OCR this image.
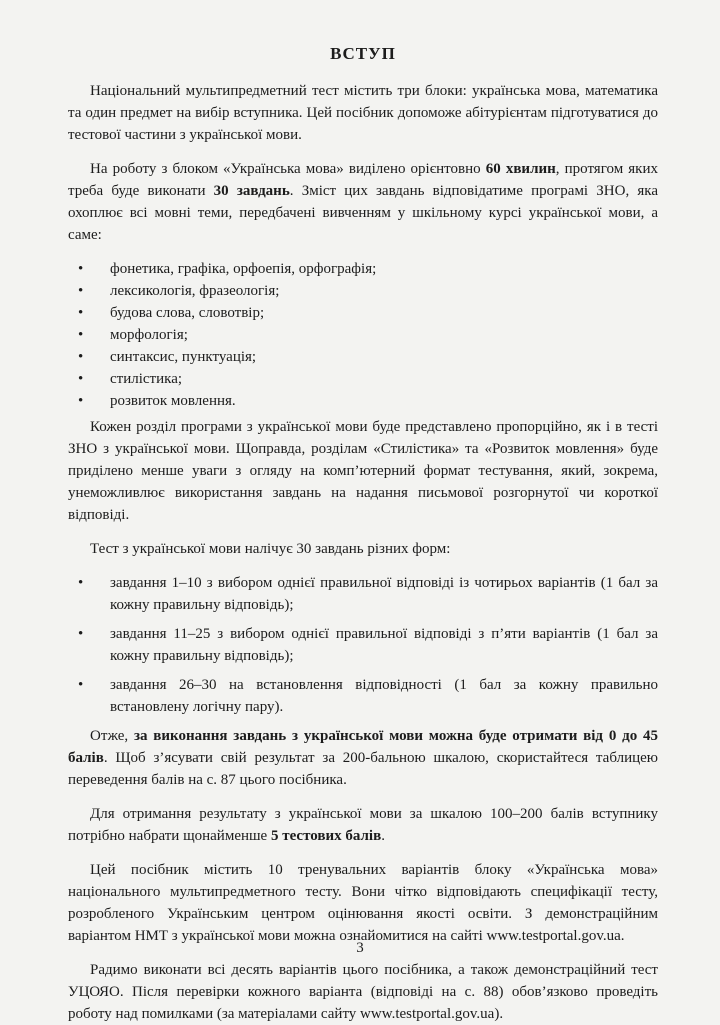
ВСТУП

Національний мультипредметний тест містить три блоки: українська мова, математика та один предмет на вибір вступника. Цей посібник допоможе абітурієнтам підготуватися до тестової частини з української мови.

На роботу з блоком «Українська мова» виділено орієнтовно 60 хвилин, протягом яких треба буде виконати 30 завдань. Зміст цих завдань відповідатиме програмі ЗНО, яка охоплює всі мовні теми, передбачені вивченням у шкільному курсі української мови, а саме:

• фонетика, графіка, орфоепія, орфографія;
• лексикологія, фразеологія;
• будова слова, словотвір;
• морфологія;
• синтаксис, пунктуація;
• стилістика;
• розвиток мовлення.

Кожен розділ програми з української мови буде представлено пропорційно, як і в тесті ЗНО з української мови. Щоправда, розділам «Стилістика» та «Розвиток мовлення» буде приділено менше уваги з огляду на комп’ютерний формат тестування, який, зокрема, унеможливлює використання завдань на надання письмової розгорнутої чи короткої відповіді.

Тест з української мови налічує 30 завдань різних форм:

• завдання 1–10 з вибором однієї правильної відповіді із чотирьох варіантів (1 бал за кожну правильну відповідь);
• завдання 11–25 з вибором однієї правильної відповіді з п’яти варіантів (1 бал за кожну правильну відповідь);
• завдання 26–30 на встановлення відповідності (1 бал за кожну правильно встановлену логічну пару).

Отже, за виконання завдань з української мови можна буде отримати від 0 до 45 балів. Щоб з’ясувати свій результат за 200-бальною шкалою, скористайтеся таблицею переведення балів на с. 87 цього посібника.

Для отримання результату з української мови за шкалою 100–200 балів вступнику потрібно набрати щонайменше 5 тестових балів.

Цей посібник містить 10 тренувальних варіантів блоку «Українська мова» національного мультипредметного тесту. Вони чітко відповідають специфікації тесту, розробленого Українським центром оцінювання якості освіти. З демонстраційним варіантом НМТ з української мови можна ознайомитися на сайті www.testportal.gov.ua.

Радимо виконати всі десять варіантів цього посібника, а також демонстраційний тест УЦОЯО. Після перевірки кожного варіанта (відповіді на с. 88) обов’язково проведіть роботу над помилками (за матеріалами сайту www.testportal.gov.ua).

3
